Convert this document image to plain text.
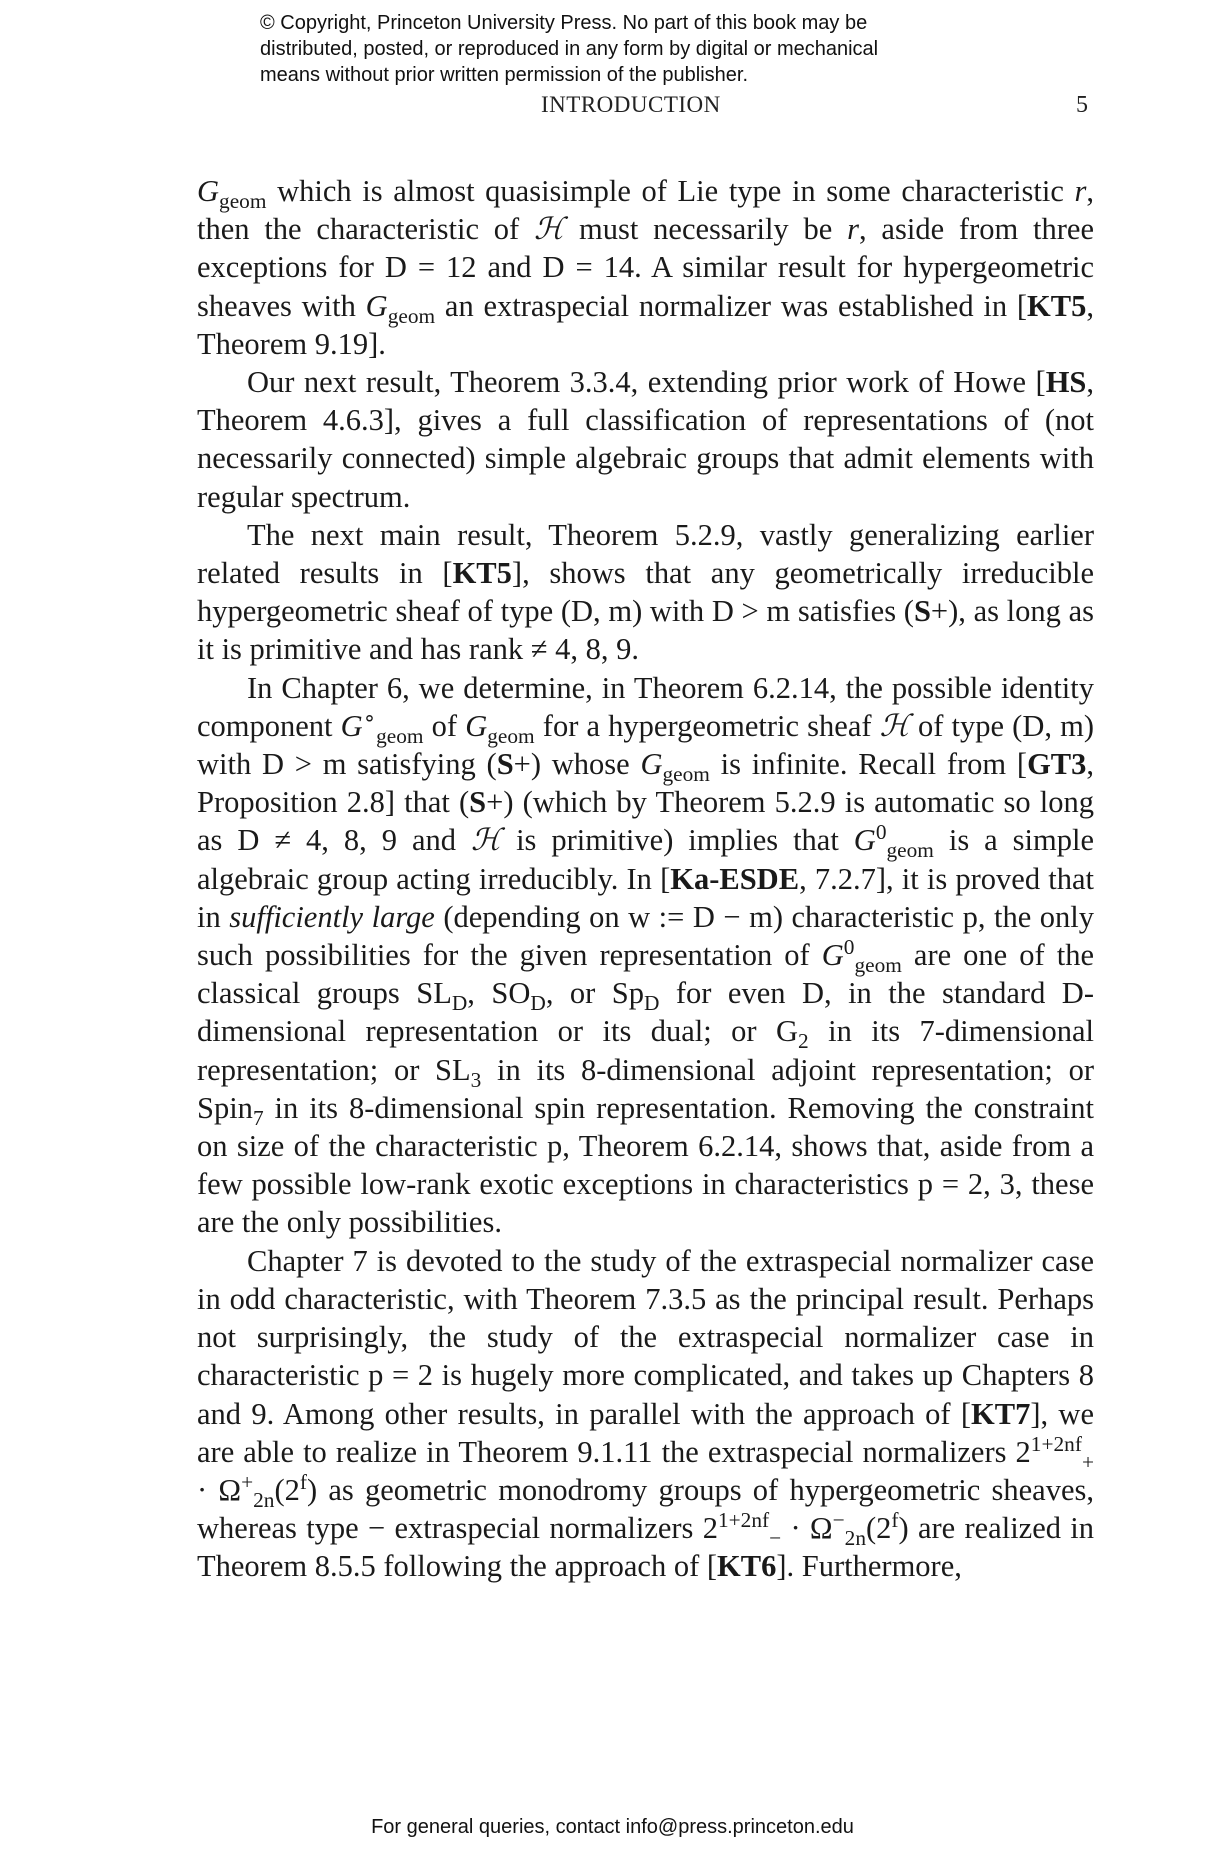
© Copyright, Princeton University Press. No part of this book may be
distributed, posted, or reproduced in any form by digital or mechanical
means without prior written permission of the publisher.
INTRODUCTION	5

$G_{geom}$ which is almost quasisimple of Lie type in some characteristic r, then the characteristic of ℋ must necessarily be r, aside from three exceptions for D = 12 and D = 14. A similar result for hypergeometric sheaves with $G_{geom}$ an extraspecial normalizer was established in [KT5, Theorem 9.19].

Our next result, Theorem 3.3.4, extending prior work of Howe [HS, Theorem 4.6.3], gives a full classification of representations of (not necessarily connected) simple algebraic groups that admit elements with regular spectrum.

The next main result, Theorem 5.2.9, vastly generalizing earlier related results in [KT5], shows that any geometrically irreducible hypergeometric sheaf of type (D, m) with D > m satisfies (S+), as long as it is primitive and has rank ≠ 4, 8, 9.

In Chapter 6, we determine, in Theorem 6.2.14, the possible identity component $G^\circ_{geom}$ of $G_{geom}$ for a hypergeometric sheaf ℋ of type (D, m) with D > m satisfying (S+) whose $G_{geom}$ is infinite. Recall from [GT3, Proposition 2.8] that (S+) (which by Theorem 5.2.9 is automatic so long as D ≠ 4, 8, 9 and ℋ is primitive) implies that $G^0_{geom}$ is a simple algebraic group acting irreducibly. In [Ka-ESDE, 7.2.7], it is proved that in sufficiently large (depending on w := D − m) characteristic p, the only such possibilities for the given representation of $G^0_{geom}$ are one of the classical groups $SL_D$, $SO_D$, or $Sp_D$ for even D, in the standard D-dimensional representation or its dual; or $G_2$ in its 7-dimensional representation; or $SL_3$ in its 8-dimensional adjoint representation; or Spin$_7$ in its 8-dimensional spin representation. Removing the constraint on size of the characteristic p, Theorem 6.2.14, shows that, aside from a few possible low-rank exotic exceptions in characteristics p = 2, 3, these are the only possibilities.

Chapter 7 is devoted to the study of the extraspecial normalizer case in odd characteristic, with Theorem 7.3.5 as the principal result. Perhaps not surprisingly, the study of the extraspecial normalizer case in characteristic p = 2 is hugely more complicated, and takes up Chapters 8 and 9. Among other results, in parallel with the approach of [KT7], we are able to realize in Theorem 9.1.11 the extraspecial normalizers $2^{1+2nf}_+ \cdot \Omega^+_{2n}(2^f)$ as geometric monodromy groups of hypergeometric sheaves, whereas type − extraspecial normalizers $2^{1+2nf}_- \cdot \Omega^-_{2n}(2^f)$ are realized in Theorem 8.5.5 following the approach of [KT6]. Furthermore,

For general queries, contact info@press.princeton.edu
